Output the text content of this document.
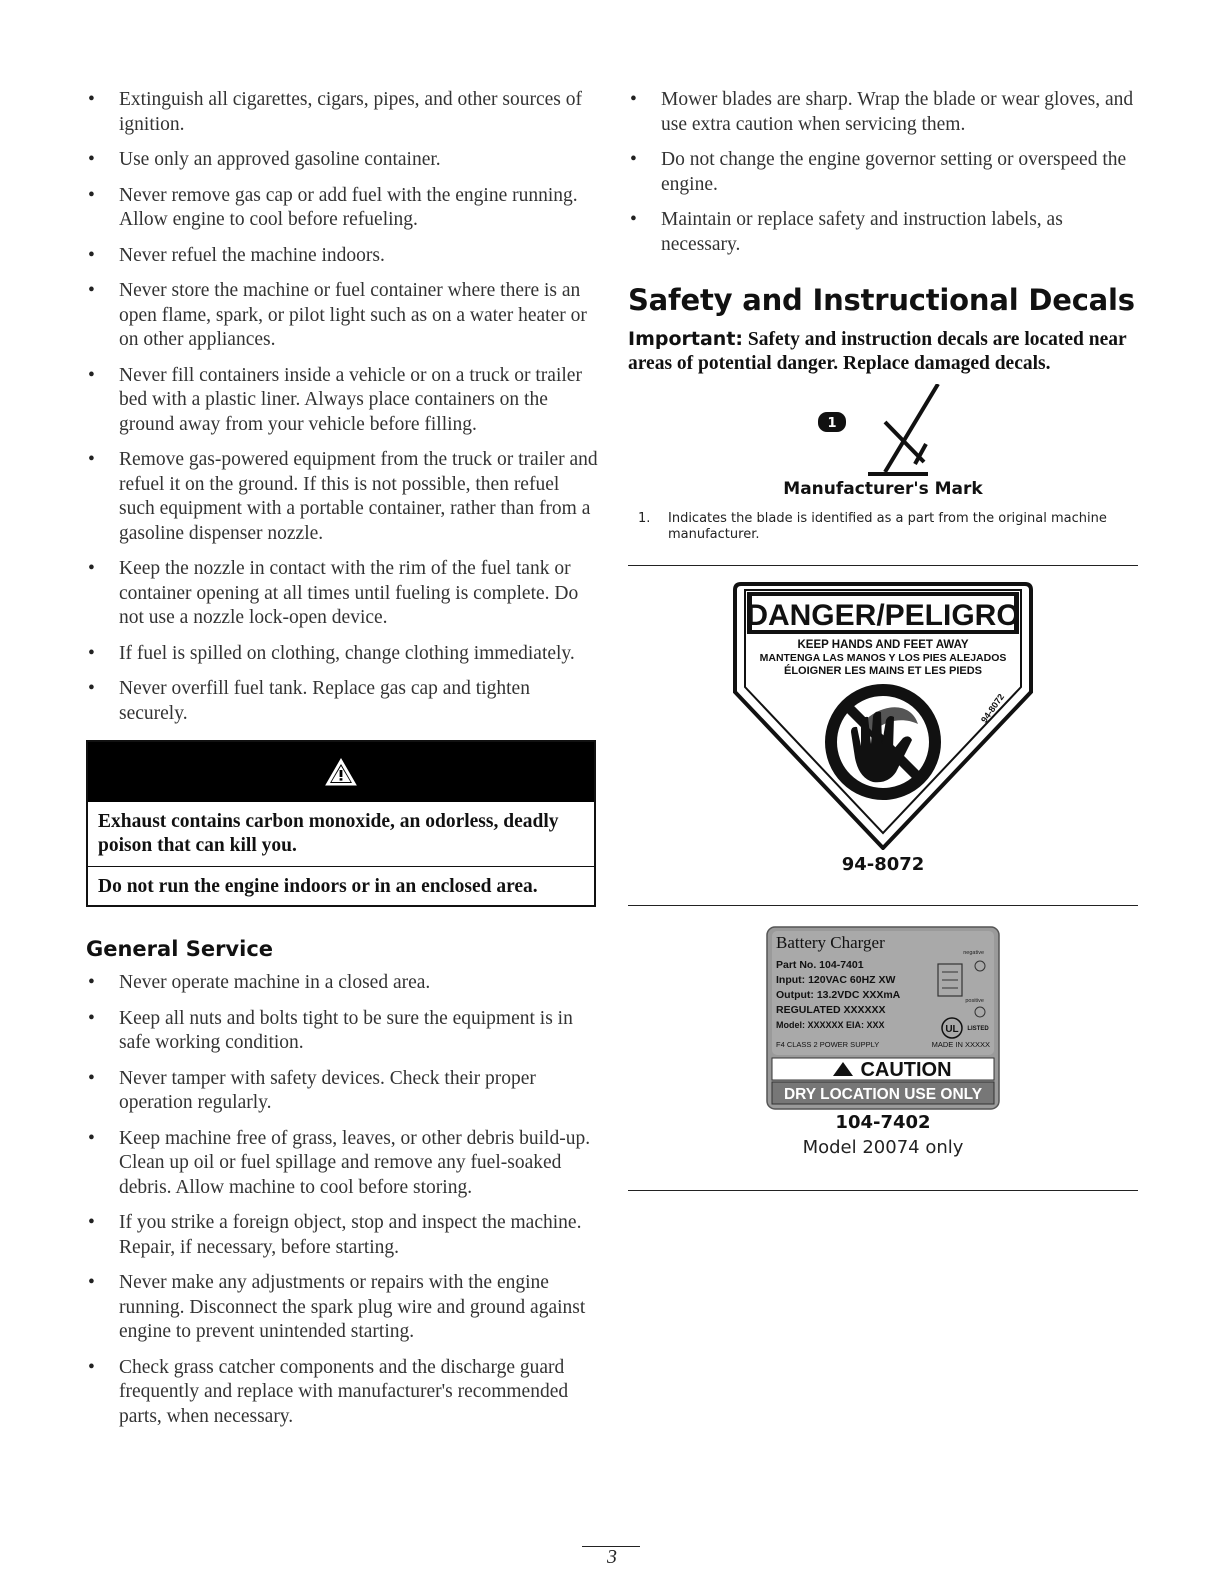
• Extinguish all cigarettes, cigars, pipes, and other sources of ignition.
• Use only an approved gasoline container.
• Never remove gas cap or add fuel with the engine running. Allow engine to cool before refueling.
• Never refuel the machine indoors.
• Never store the machine or fuel container where there is an open flame, spark, or pilot light such as on a water heater or on other appliances.
• Never fill containers inside a vehicle or on a truck or trailer bed with a plastic liner. Always place containers on the ground away from your vehicle before filling.
• Remove gas-powered equipment from the truck or trailer and refuel it on the ground. If this is not possible, then refuel such equipment with a portable container, rather than from a gasoline dispenser nozzle.
• Keep the nozzle in contact with the rim of the fuel tank or container opening at all times until fueling is complete. Do not use a nozzle lock-open device.
• If fuel is spilled on clothing, change clothing immediately.
• Never overfill fuel tank. Replace gas cap and tighten securely.

Exhaust contains carbon monoxide, an odorless, deadly poison that can kill you.

Do not run the engine indoors or in an enclosed area.

General Service
• Never operate machine in a closed area.
• Keep all nuts and bolts tight to be sure the equipment is in safe working condition.
• Never tamper with safety devices. Check their proper operation regularly.
• Keep machine free of grass, leaves, or other debris build-up. Clean up oil or fuel spillage and remove any fuel-soaked debris. Allow machine to cool before storing.
• If you strike a foreign object, stop and inspect the machine. Repair, if necessary, before starting.
• Never make any adjustments or repairs with the engine running. Disconnect the spark plug wire and ground against engine to prevent unintended starting.
• Check grass catcher components and the discharge guard frequently and replace with manufacturer's recommended parts, when necessary.
• Mower blades are sharp. Wrap the blade or wear gloves, and use extra caution when servicing them.
• Do not change the engine governor setting or overspeed the engine.
• Maintain or replace safety and instruction labels, as necessary.
Safety and Instructional Decals

Important: Safety and instruction decals are located near areas of potential danger. Replace damaged decals.

1
Manufacturer's Mark
1.	Indicates the blade is identified as a part from the original machine manufacturer.
DANGER/PELIGRO
KEEP HANDS AND FEET AWAY
MANTENGA LAS MANOS Y LOS PIES ALEJADOS
ÉLOIGNER LES MAINS ET LES PIEDS
94-8072
94-8072
Battery Charger
Part No. 104-7401
Input: 120VAC 60HZ XW
Output: 13.2VDC XXXmA
REGULATED XXXXXX
Model: XXXXXX EIA: XXX
F4 CLASS 2 POWER SUPPLY	MADE IN XXXXX
negative
positive
UL LISTED
CAUTION
DRY LOCATION USE ONLY
104-7402
Model 20074 only
3
